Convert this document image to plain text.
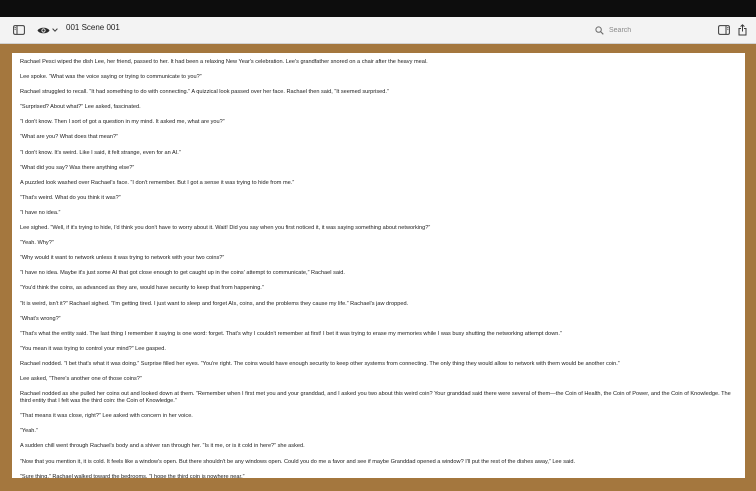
001 Scene 001
Search

Rachael Pesci wiped the dish Lee, her friend, passed to her. It had been a relaxing New Year's celebration. Lee's grandfather snored on a chair after the heavy meal.

Lee spoke. “What was the voice saying or trying to communicate to you?”

Rachael struggled to recall. “It had something to do with connecting.” A quizzical look passed over her face. Rachael then said, “It seemed surprised.”

“Surprised? About what?” Lee asked, fascinated.

“I don't know. Then I sort of got a question in my mind. It asked me, what are you?”

“What are you? What does that mean?”

“I don't know. It's weird. Like I said, it felt strange, even for an AI.”

“What did you say? Was there anything else?”

A puzzled look washed over Rachael's face. “I don't remember. But I got a sense it was trying to hide from me.”

“That's weird. What do you think it was?”

“I have no idea.”

Lee sighed. “Well, if it's trying to hide, I'd think you don't have to worry about it. Wait! Did you say when you first noticed it, it was saying something about networking?”

“Yeah. Why?”

“Why would it want to network unless it was trying to network with your two coins?”

“I have no idea. Maybe it's just some AI that got close enough to get caught up in the coins' attempt to communicate,” Rachael said.

“You'd think the coins, as advanced as they are, would have security to keep that from happening.”

“It is weird, isn't it?” Rachael sighed. “I'm getting tired. I just want to sleep and forget AIs, coins, and the problems they cause my life.” Rachael's jaw dropped.

“What's wrong?”

“That's what the entity said. The last thing I remember it saying is one word: forget. That's why I couldn't remember at first! I bet it was trying to erase my memories while I was busy shutting the networking attempt down.”

“You mean it was trying to control your mind?” Lee gasped.

Rachael nodded. “I bet that's what it was doing.” Surprise filled her eyes. “You're right. The coins would have enough security to keep other systems from connecting. The only thing they would allow to network with them would be another coin.”

Lee asked, “There's another one of those coins?”

Rachael nodded as she pulled her coins out and looked down at them. “Remember when I first met you and your granddad, and I asked you two about this weird coin? Your granddad said there were several of them—the Coin of Health, the Coin of Power, and the Coin of Knowledge. The third entity that I felt was the third coin: the Coin of Knowledge.”

“That means it was close, right?” Lee asked with concern in her voice.

“Yeah.”

A sudden chill went through Rachael's body and a shiver ran through her. “Is it me, or is it cold in here?” she asked.

“Now that you mention it, it is cold. It feels like a window's open. But there shouldn't be any windows open. Could you do me a favor and see if maybe Granddad opened a window? I'll put the rest of the dishes away,” Lee said.

“Sure thing.” Rachael walked toward the bedrooms. “I hope the third coin is nowhere near.”
